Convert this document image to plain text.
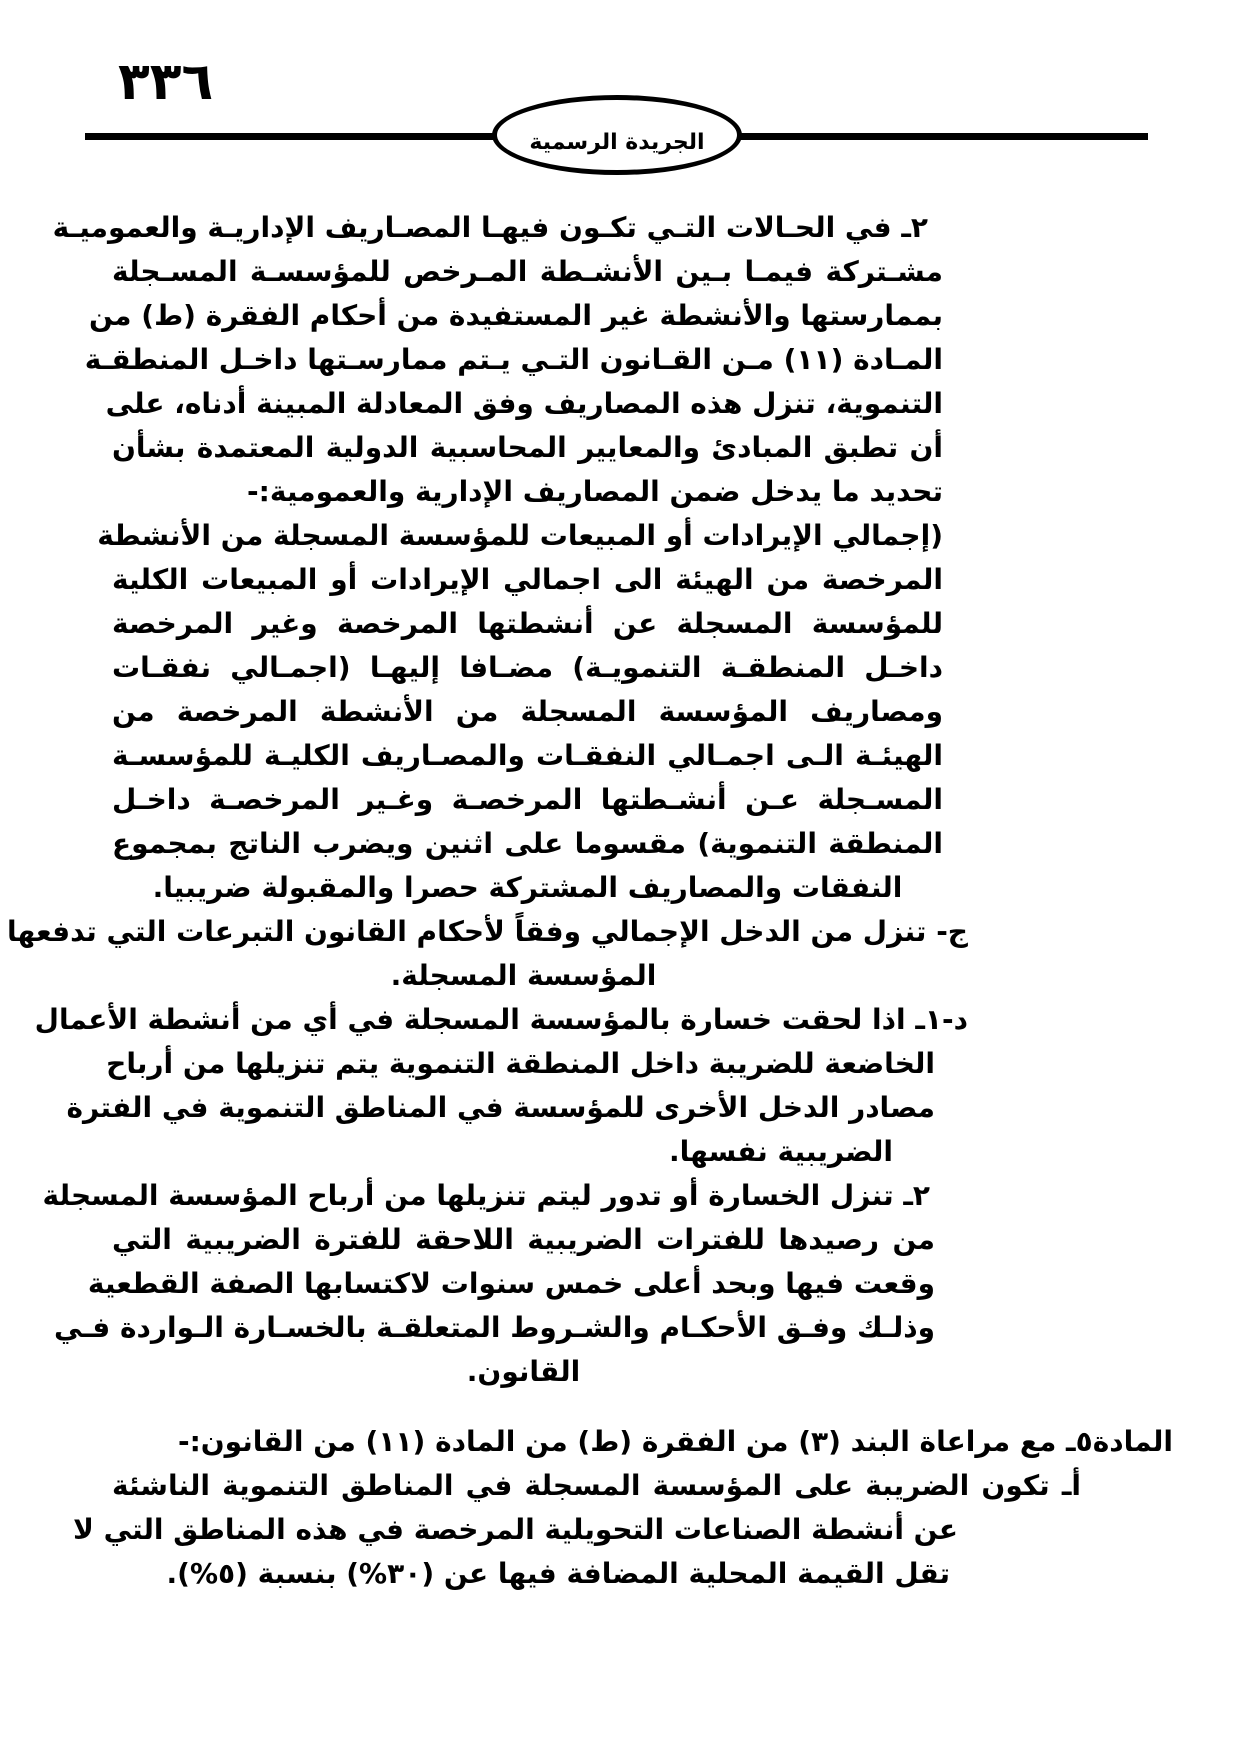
٣٣٦
الجريدة الرسمية
٢ـ في الحـالات التـي تكـون فيهـا المصـاريف الإداريـة والعموميـة
مشـتركة فيمـا بـين الأنشـطة المـرخص للمؤسسـة المسـجلة
بممارستها والأنشطة غير المستفيدة من أحكام الفقرة (ط) من
المـادة (١١) مـن القـانون التـي يـتم ممارسـتها داخـل المنطقـة
التنموية، تنزل هذه المصاريف وفق المعادلة المبينة أدناه، على
أن تطبق المبادئ والمعايير المحاسبية الدولية المعتمدة بشأن
تحديد ما يدخل ضمن المصاريف الإدارية والعمومية:-
(إجمالي الإيرادات أو المبيعات للمؤسسة المسجلة من الأنشطة
المرخصة من الهيئة الى اجمالي الإيرادات أو المبيعات الكلية
للمؤسسة المسجلة عن أنشطتها المرخصة وغير المرخصة
داخـل المنطقـة التنمويـة) مضـافا إليهـا (اجمـالي نفقـات
ومصاريف المؤسسة المسجلة من الأنشطة المرخصة من
الهيئـة الـى اجمـالي النفقـات والمصـاريف الكليـة للمؤسسـة
المسـجلة عـن أنشـطتها المرخصـة وغـير المرخصـة داخـل
المنطقة التنموية) مقسوما على اثنين ويضرب الناتج بمجموع
النفقات والمصاريف المشتركة حصرا والمقبولة ضريبيا.
ج- تنزل من الدخل الإجمالي وفقاً لأحكام القانون التبرعات التي تدفعها
المؤسسة المسجلة.
د-١ـ اذا لحقت خسارة بالمؤسسة المسجلة في أي من أنشطة الأعمال
الخاضعة للضريبة داخل المنطقة التنموية يتم تنزيلها من أرباح
مصادر الدخل الأخرى للمؤسسة في المناطق التنموية في الفترة
الضريبية نفسها.
٢ـ تنزل الخسارة أو تدور ليتم تنزيلها من أرباح المؤسسة المسجلة
من رصيدها للفترات الضريبية اللاحقة للفترة الضريبية التي
وقعت فيها وبحد أعلى خمس سنوات لاكتسابها الصفة القطعية
وذلـك وفـق الأحكـام والشـروط المتعلقـة بالخسـارة الـواردة فـي
القانون.
المادة٥ـ مع مراعاة البند (٣) من الفقرة (ط) من المادة (١١) من القانون:-
أـ تكون الضريبة على المؤسسة المسجلة في المناطق التنموية الناشئة
عن أنشطة الصناعات التحويلية المرخصة في هذه المناطق التي لا
تقل القيمة المحلية المضافة فيها عن (٣٠%) بنسبة (٥%).
